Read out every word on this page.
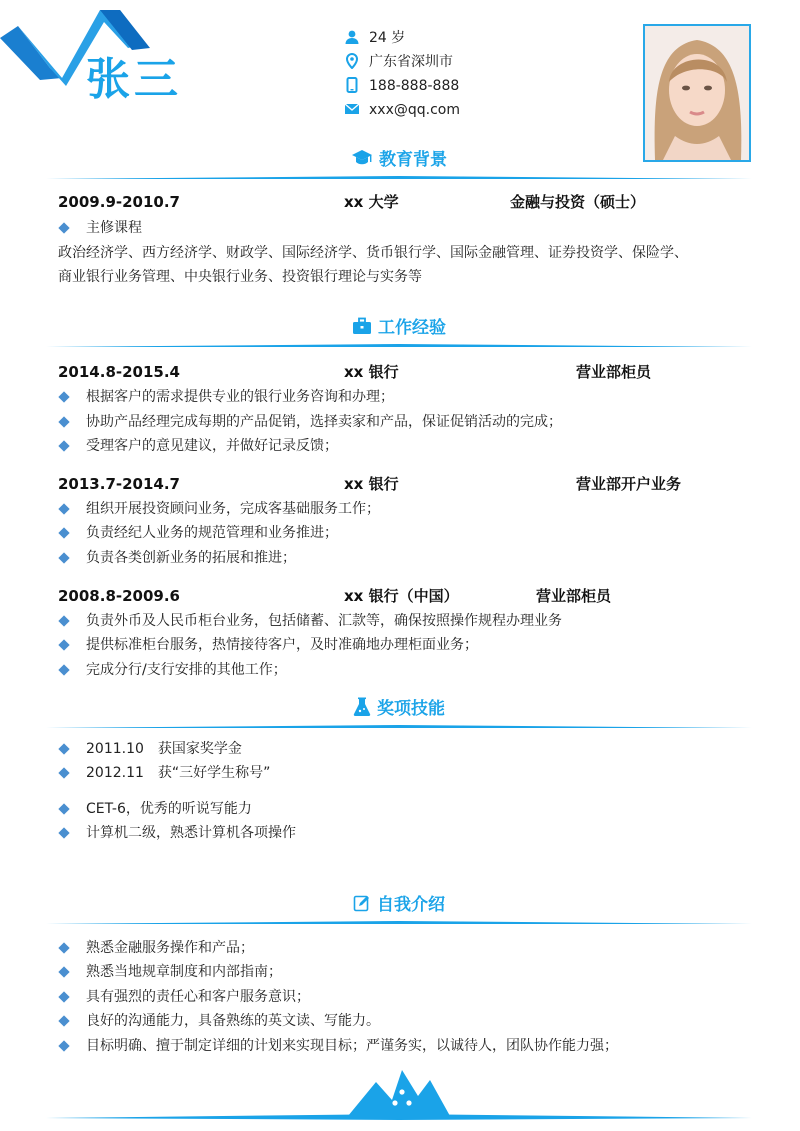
张三
24 岁
广东省深圳市
188-888-888
xxx@qq.com
教育背景
2009.9-2010.7	xx 大学	金融与投资（硕士）
主修课程
政治经济学、西方经济学、财政学、国际经济学、货币银行学、国际金融管理、证券投资学、保险学、
商业银行业务管理、中央银行业务、投资银行理论与实务等
工作经验
2014.8-2015.4	xx 银行	营业部柜员
根据客户的需求提供专业的银行业务咨询和办理；
协助产品经理完成每期的产品促销，选择卖家和产品，保证促销活动的完成；
受理客户的意见建议，并做好记录反馈；
2013.7-2014.7	xx 银行	营业部开户业务
组织开展投资顾问业务，完成客基础服务工作；
负责经纪人业务的规范管理和业务推进；
负责各类创新业务的拓展和推进；
2008.8-2009.6	xx 银行（中国）	营业部柜员
负责外币及人民币柜台业务，包括储蓄、汇款等，确保按照操作规程办理业务
提供标准柜台服务，热情接待客户，及时准确地办理柜面业务；
完成分行/支行安排的其他工作；
奖项技能
2011.10　获国家奖学金
2012.11　获“三好学生称号”
CET-6，优秀的听说写能力
计算机二级，熟悉计算机各项操作
自我介绍
熟悉金融服务操作和产品；
熟悉当地规章制度和内部指南；
具有强烈的责任心和客户服务意识；
良好的沟通能力，具备熟练的英文读、写能力。
目标明确、擅于制定详细的计划来实现目标；严谨务实，以诚待人，团队协作能力强；
